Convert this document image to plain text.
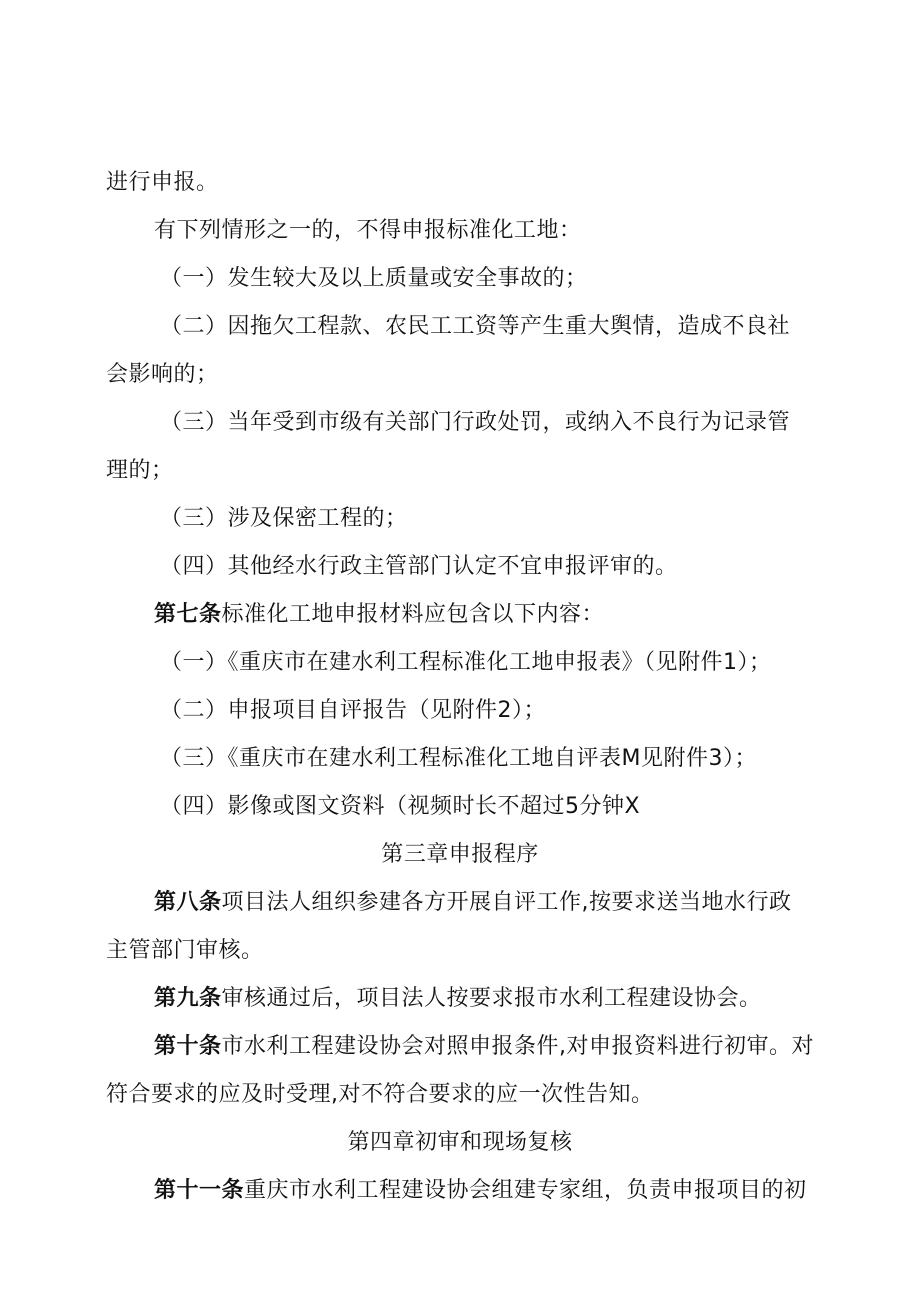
进行申报。
有下列情形之一的，不得申报标准化工地：
（一）发生较大及以上质量或安全事故的；
（二）因拖欠工程款、农民工工资等产生重大舆情，造成不良社
会影响的；
（三）当年受到市级有关部门行政处罚，或纳入不良行为记录管
理的；
（三）涉及保密工程的；
（四）其他经水行政主管部门认定不宜申报评审的。
第七条标准化工地申报材料应包含以下内容：
（一）《重庆市在建水利工程标准化工地申报表》（见附件1）；
（二）申报项目自评报告（见附件2）；
（三）《重庆市在建水利工程标准化工地自评表M见附件3）；
（四）影像或图文资料（视频时长不超过5分钟X
第三章申报程序
第八条项目法人组织参建各方开展自评工作,按要求送当地水行政
主管部门审核。
第九条审核通过后，项目法人按要求报市水利工程建设协会。
第十条市水利工程建设协会对照申报条件,对申报资料进行初审。对
符合要求的应及时受理,对不符合要求的应一次性告知。
第四章初审和现场复核
第十一条重庆市水利工程建设协会组建专家组，负责申报项目的初
